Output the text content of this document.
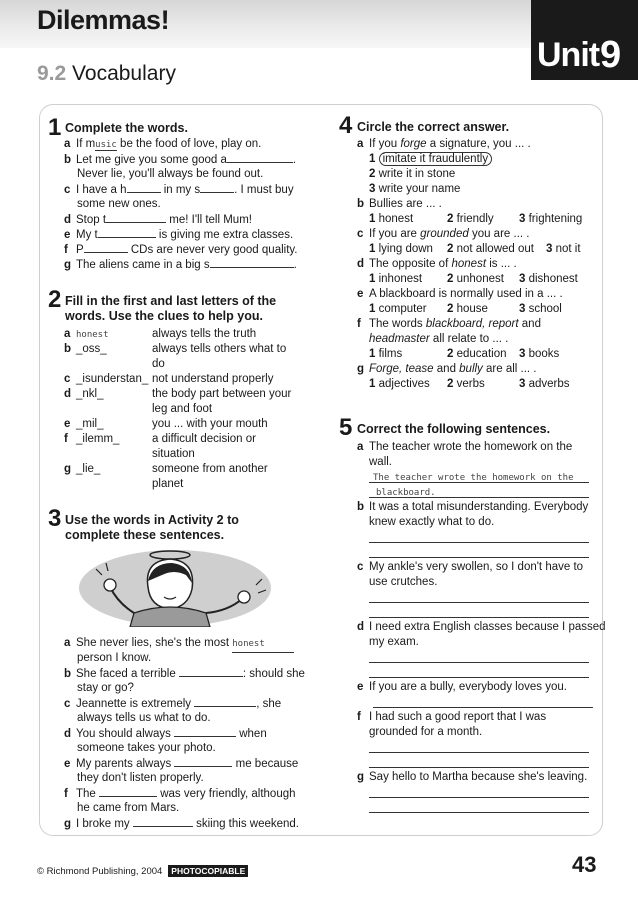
Dilemmas!
Unit 9
9.2 Vocabulary
1 Complete the words.
a If music be the food of love, play on.
b Let me give you some good a	.
Never lie, you'll always be found out.
c I have a h	in my s	. I must buy
some new ones.
d Stop t	me! I'll tell Mum!
e My t	is giving me extra classes.
f P	CDs are never very good quality.
g The aliens came in a big s	.
2 Fill in the first and last letters of the
words. Use the clues to help you.
a honest	always tells the truth
b _oss_	always tells others what to
do
c _isunderstan_ not understand properly
d _nkl_	the body part between your
leg and foot
e _mil_	you ... with your mouth
f _ilemm_	a difficult decision or
situation
g _lie_	someone from another
planet
3 Use the words in Activity 2 to
complete these sentences.
a She never lies, she's the most honest
person I know.
b She faced a terrible	: should she
stay or go?
c Jeannette is extremely	, she
always tells us what to do.
d You should always	when
someone takes your photo.
e My parents always	me because
they don't listen properly.
f The	was very friendly, although
he came from Mars.
g I broke my	skiing this weekend.
4 Circle the correct answer.
a If you forge a signature, you ... .
1 imitate it fraudulently
2 write it in stone
3 write your name
b Bullies are ... .
1 honest	2 friendly 3 frightening
c If you are grounded you are ... .
1 lying down 2 not allowed out 3 not it
d The opposite of honest is ... .
1 inhonest 2 unhonest 3 dishonest
e A blackboard is normally used in a ... .
1 computer 2 house	3 school
f The words blackboard, report and
headmaster all relate to ... .
1 films	2 education 3 books
g Forge, tease and bully are all ... .
1 adjectives 2 verbs	3 adverbs
5 Correct the following sentences.
a The teacher wrote the homework on the
wall.
The teacher wrote the homework on the
blackboard.
b It was a total misunderstanding. Everybody
knew exactly what to do.
c My ankle's very swollen, so I don't have to
use crutches.
d I need extra English classes because I passed
my exam.
e If you are a bully, everybody loves you.
f I had such a good report that I was
grounded for a month.
g Say hello to Martha because she's leaving.
© Richmond Publishing, 2004 PHOTOCOPIABLE	43
